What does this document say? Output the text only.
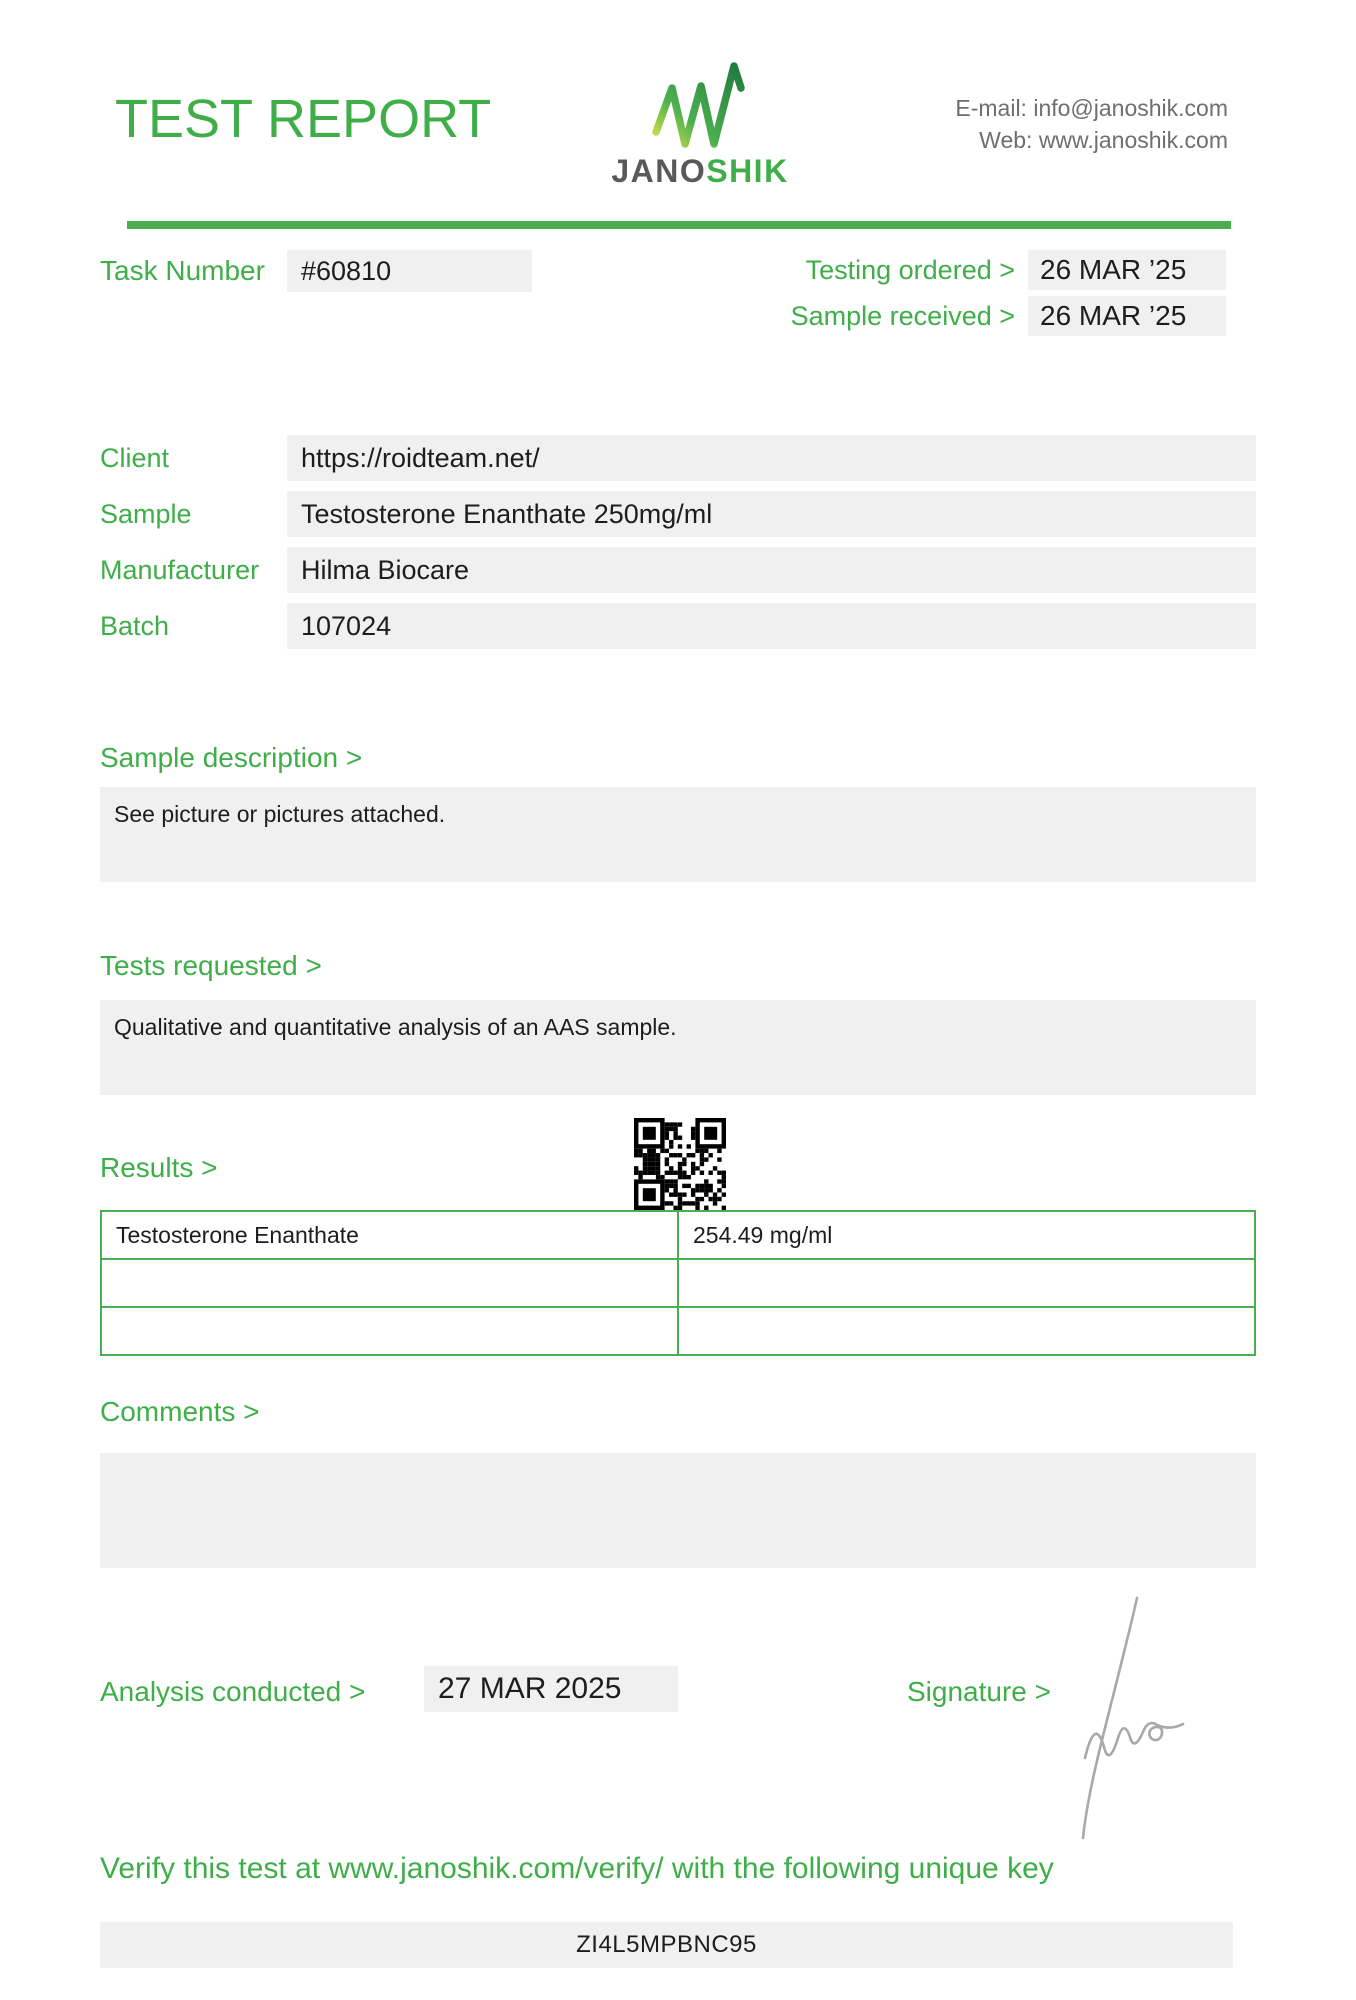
TEST REPORT
JANOSHIK
E-mail: info@janoshik.com
Web: www.janoshik.com
Task Number	#60810	Testing ordered > 26 MAR ’25
Sample received > 26 MAR ’25
Client	https://roidteam.net/
Sample	Testosterone Enanthate 250mg/ml
Manufacturer	Hilma Biocare
Batch	107024
Sample description >
See picture or pictures attached.
Tests requested >
Qualitative and quantitative analysis of an AAS sample.
Results >
Testosterone Enanthate	254.49 mg/ml

Comments >
Analysis conducted >	27 MAR 2025	Signature >
Verify this test at www.janoshik.com/verify/ with the following unique key
ZI4L5MPBNC95
